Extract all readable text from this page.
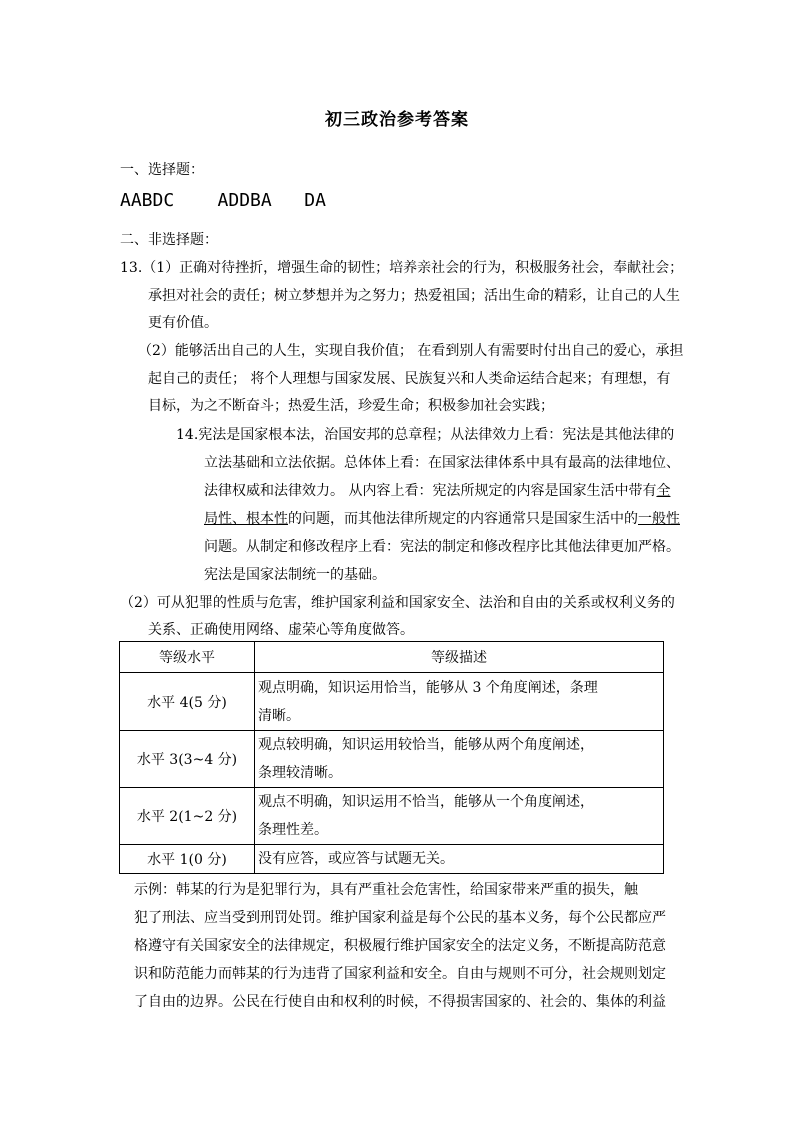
初三政治参考答案
一、选择题：
AABDC    ADDBA   DA
二、非选择题：
13.（1）正确对待挫折，增强生命的韧性；培养亲社会的行为，积极服务社会，奉献社会；
承担对社会的责任；树立梦想并为之努力；热爱祖国；活出生命的精彩，让自己的人生
更有价值。
（2）能够活出自己的人生，实现自我价值； 在看到别人有需要时付出自己的爱心，承担
起自己的责任； 将个人理想与国家发展、民族复兴和人类命运结合起来；有理想，有
目标，为之不断奋斗；热爱生活，珍爱生命；积极参加社会实践；
14.宪法是国家根本法，治国安邦的总章程；从法律效力上看：宪法是其他法律的
立法基础和立法依据。总体体上看：在国家法律体系中具有最高的法律地位、
法律权威和法律效力。 从内容上看：宪法所规定的内容是国家生活中带有全
局性、根本性的问题，而其他法律所规定的内容通常只是国家生活中的一般性
问题。从制定和修改程序上看：宪法的制定和修改程序比其他法律更加严格。
宪法是国家法制统一的基础。
（2）可从犯罪的性质与危害，维护国家利益和国家安全、法治和自由的关系或权利义务的
关系、正确使用网络、虚荣心等角度做答。
等级水平	等级描述
水平 4(5 分)	观点明确，知识运用恰当，能够从 3 个角度阐述，条理
清晰。

水平 3(3~4 分)	观点较明确，知识运用较恰当，能够从两个角度阐述，
条理较清晰。

水平 2(1~2 分)	观点不明确，知识运用不恰当，能够从一个角度阐述，
条理性差。

水平 1(0 分)	没有应答，或应答与试题无关。
示例：韩某的行为是犯罪行为，具有严重社会危害性，给国家带来严重的损失，触
犯了刑法、应当受到刑罚处罚。维护国家利益是每个公民的基本义务，每个公民都应严
格遵守有关国家安全的法律规定，积极履行维护国家安全的法定义务，不断提高防范意
识和防范能力而韩某的行为违背了国家利益和安全。自由与规则不可分，社会规则划定
了自由的边界。公民在行使自由和权利的时候，不得损害国家的、社会的、集体的利益
